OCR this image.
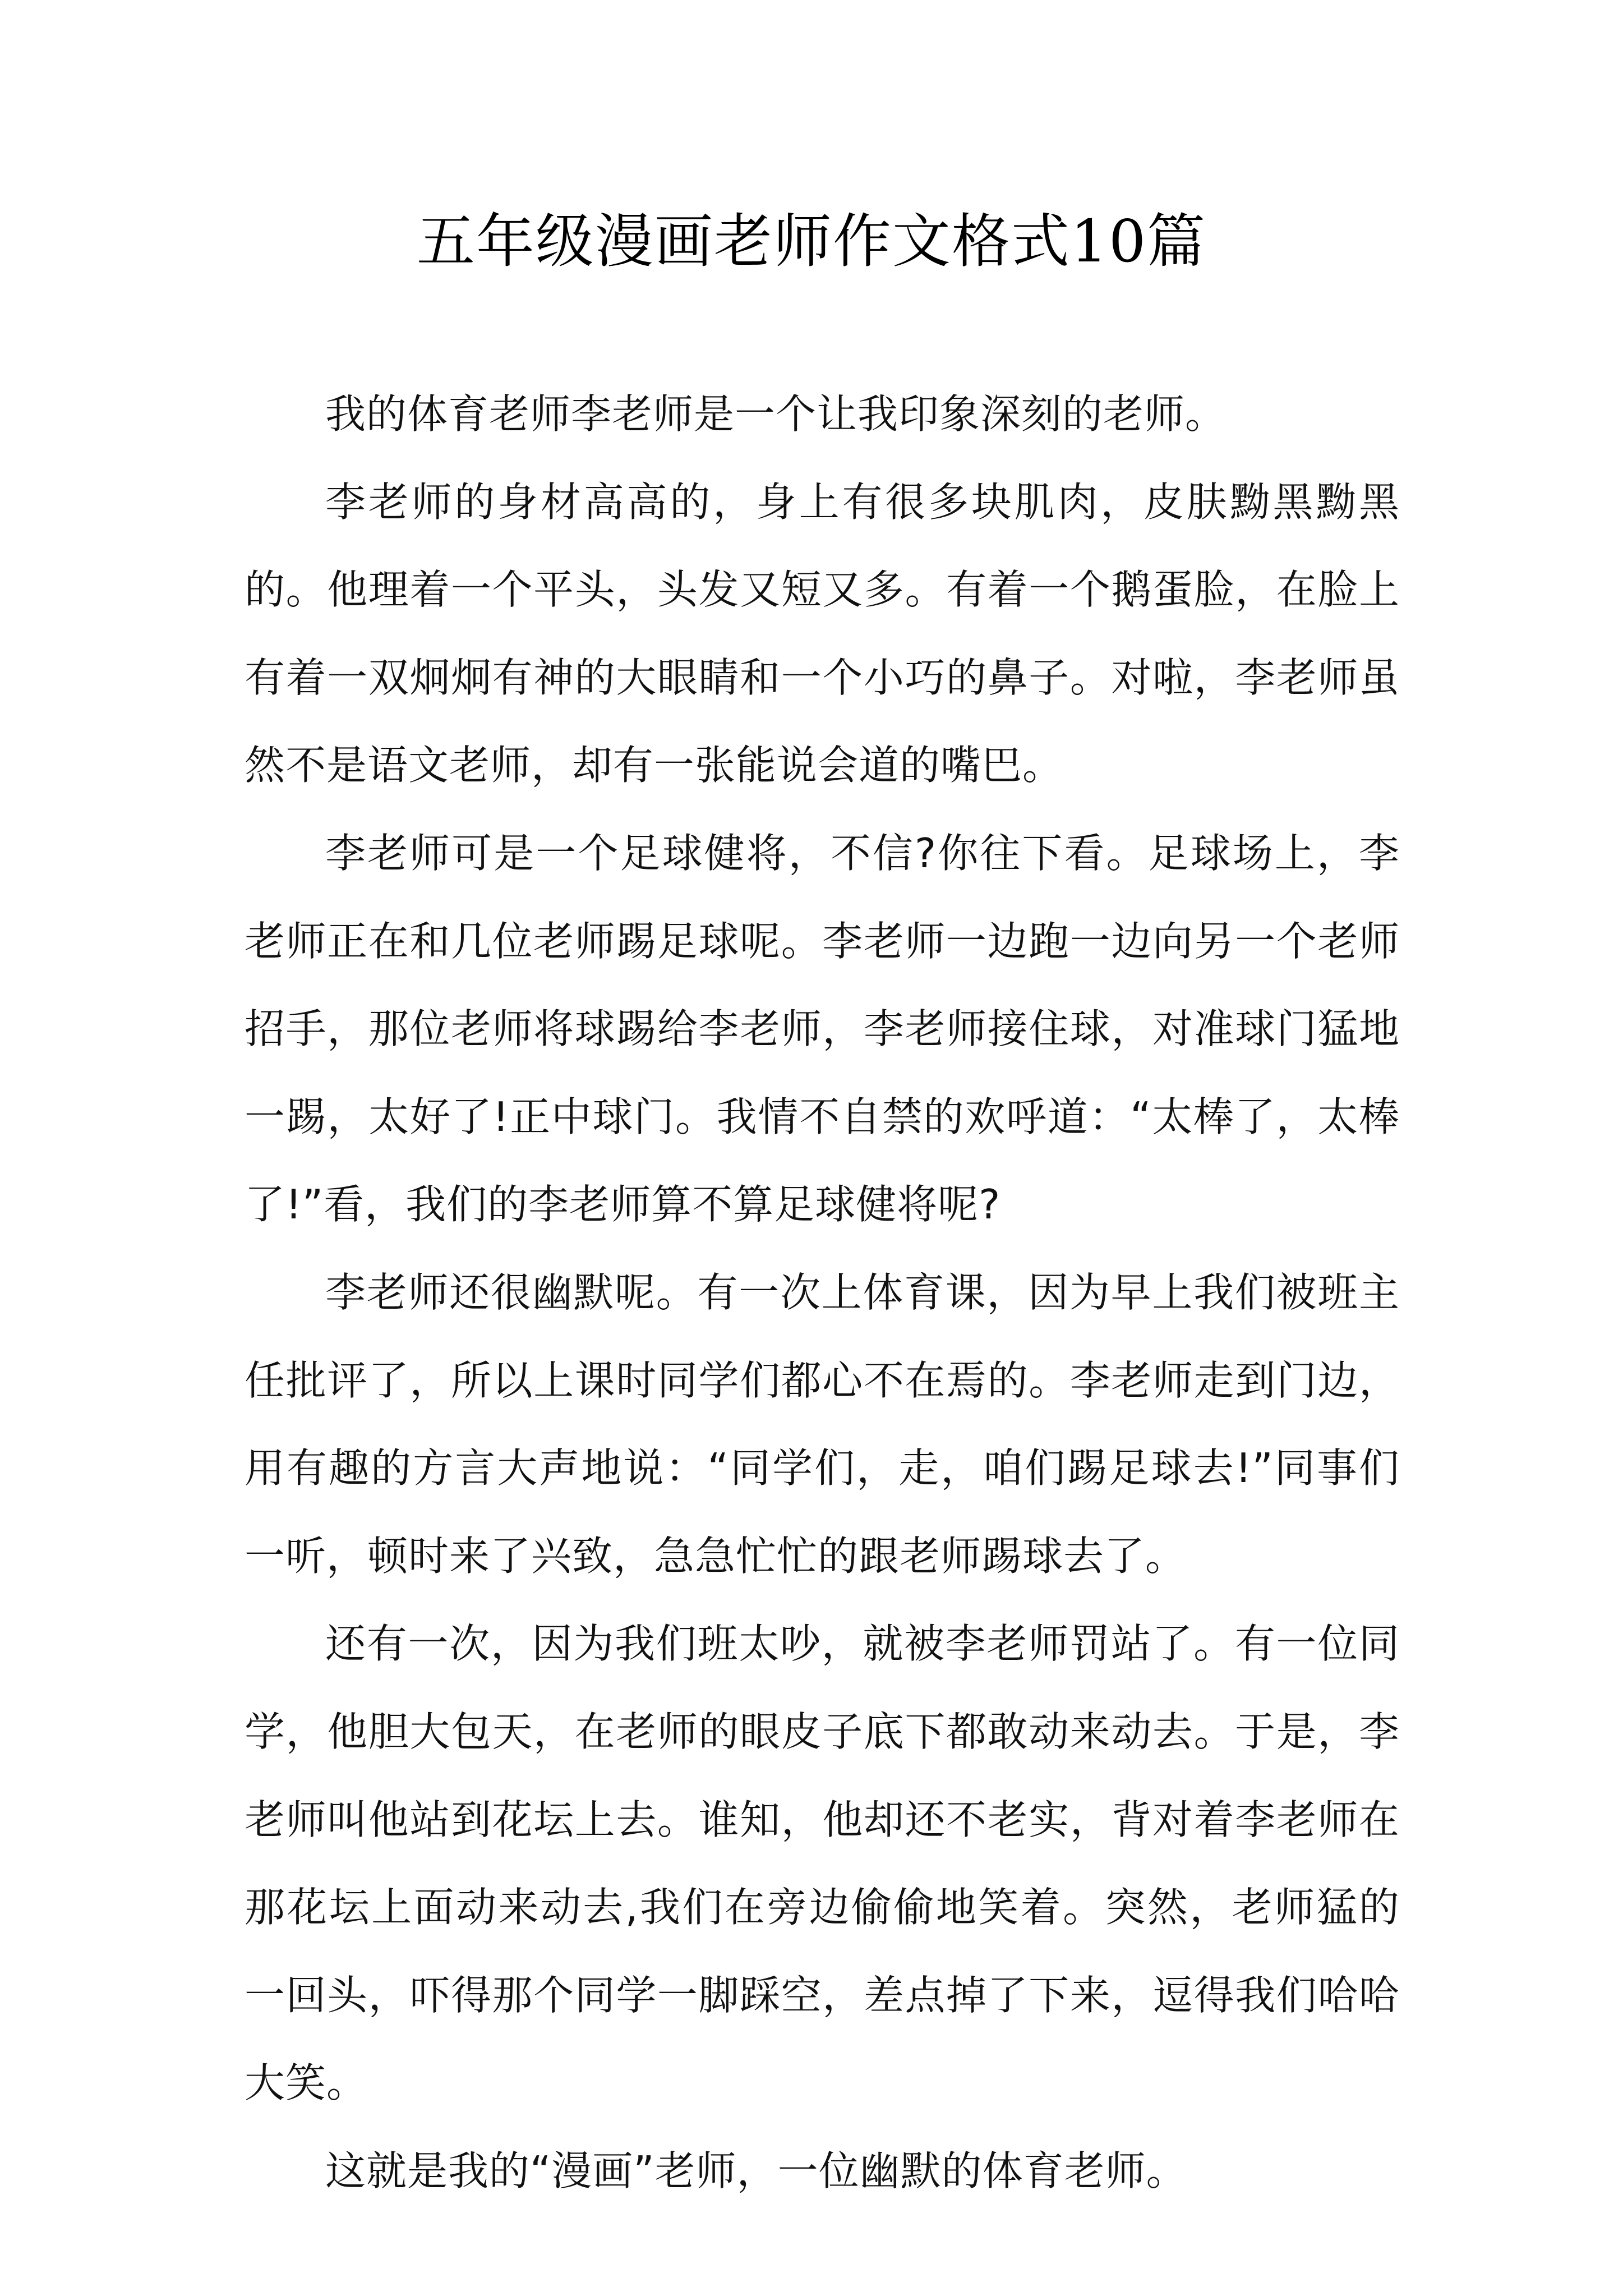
五年级漫画老师作文格式10篇

我的体育老师李老师是一个让我印象深刻的老师。

李老师的身材高高的，身上有很多块肌肉，皮肤黝黑黝黑的。他理着一个平头，头发又短又多。有着一个鹅蛋脸，在脸上有着一双炯炯有神的大眼睛和一个小巧的鼻子。对啦，李老师虽然不是语文老师，却有一张能说会道的嘴巴。

李老师可是一个足球健将，不信?你往下看。足球场上，李老师正在和几位老师踢足球呢。李老师一边跑一边向另一个老师招手，那位老师将球踢给李老师，李老师接住球，对准球门猛地一踢，太好了!正中球门。我情不自禁的欢呼道：“太棒了，太棒了!”看，我们的李老师算不算足球健将呢?

李老师还很幽默呢。有一次上体育课，因为早上我们被班主任批评了，所以上课时同学们都心不在焉的。李老师走到门边，用有趣的方言大声地说：“同学们，走，咱们踢足球去!”同事们一听，顿时来了兴致，急急忙忙的跟老师踢球去了。

还有一次，因为我们班太吵，就被李老师罚站了。有一位同学，他胆大包天，在老师的眼皮子底下都敢动来动去。于是，李老师叫他站到花坛上去。谁知，他却还不老实，背对着李老师在那花坛上面动来动去,我们在旁边偷偷地笑着。突然，老师猛的一回头，吓得那个同学一脚踩空，差点掉了下来，逗得我们哈哈大笑。

这就是我的“漫画”老师，一位幽默的体育老师。
